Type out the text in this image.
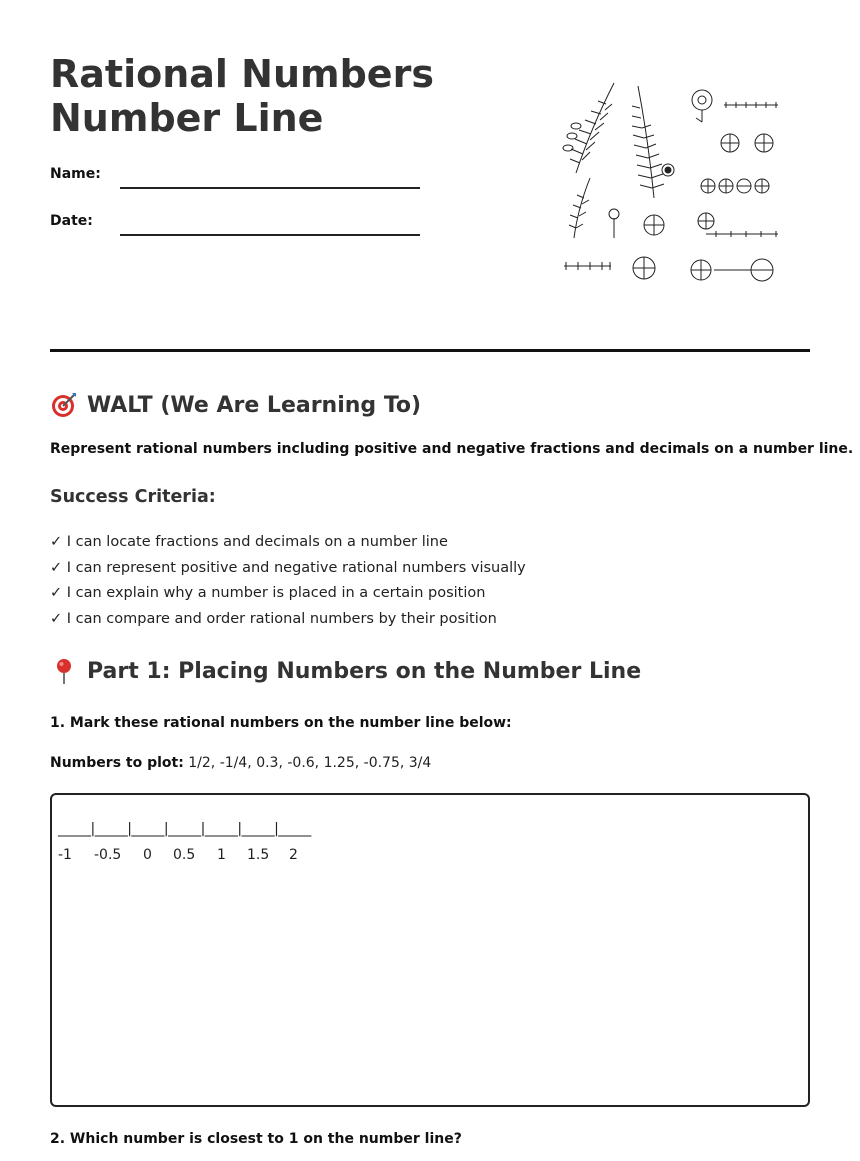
Rational Numbers
Number Line
Name:
Date:
WALT (We Are Learning To)
Represent rational numbers including positive and negative fractions and decimals on a number line.
Success Criteria:
✓ I can locate fractions and decimals on a number line
✓ I can represent positive and negative rational numbers visually
✓ I can explain why a number is placed in a certain position
✓ I can compare and order rational numbers by their position
Part 1: Placing Numbers on the Number Line
1. Mark these rational numbers on the number line below:
Numbers to plot: 1/2, -1/4, 0.3, -0.6, 1.25, -0.75, 3/4
_____|_____|_____|_____|_____|_____|_____
-1 -0.5 0 0.5 1 1.5 2
2. Which number is closest to 1 on the number line?
